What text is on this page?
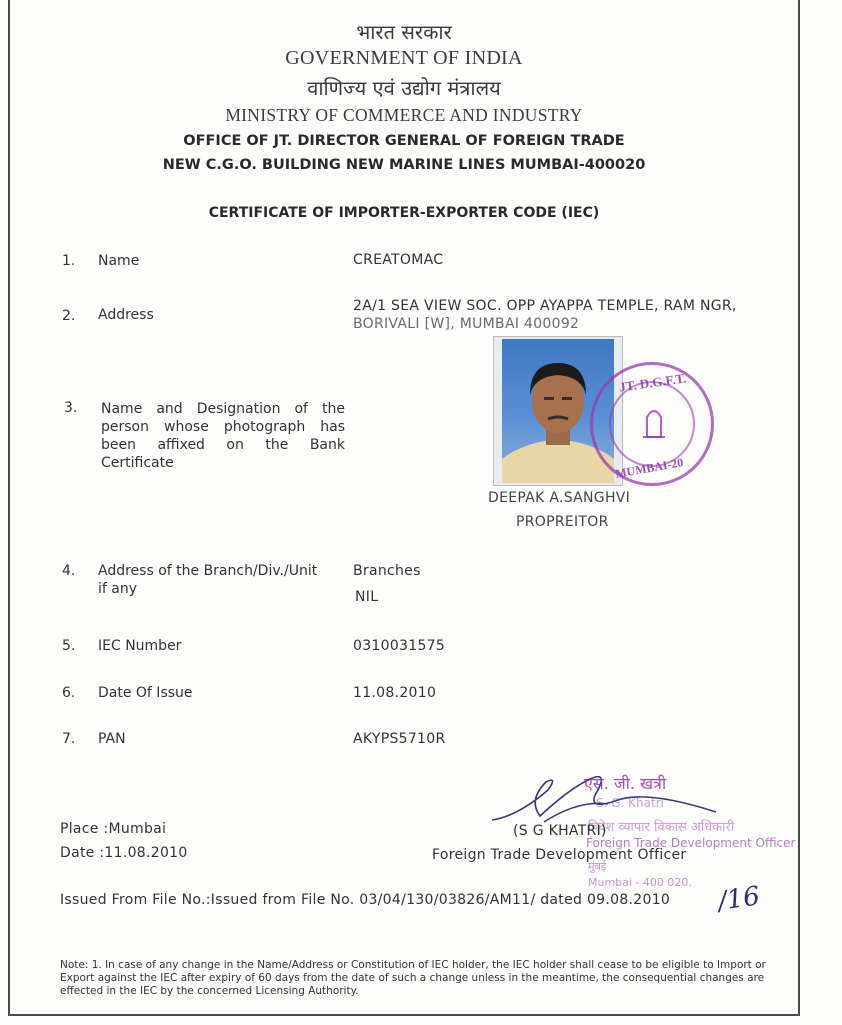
भारत सरकार
GOVERNMENT OF INDIA
वाणिज्य एवं उद्योग मंत्रालय
MINISTRY OF COMMERCE AND INDUSTRY
OFFICE OF JT. DIRECTOR GENERAL OF FOREIGN TRADE
NEW C.G.O. BUILDING NEW MARINE LINES MUMBAI-400020
CERTIFICATE OF IMPORTER-EXPORTER CODE (IEC)
1. Name	CREATOMAC
2. Address
2A/1 SEA VIEW SOC. OPP AYAPPA TEMPLE, RAM NGR,
BORIVALI [W], MUMBAI 400092
3. Name and Designation of the
person whose photograph has
been affixed on the Bank
Certificate
JT. D.G.F.T.
MUMBAI-20
DEEPAK A.SANGHVI
PROPREITOR
4. Address of the Branch/Div./Unit
if any
Branches
NIL
5. IEC Number	0310031575
6. Date Of Issue	11.08.2010
7. PAN	AKYPS5710R
एस. जी. खत्री
S. G. Khatri
विदेश व्यापार विकास अधिकारी
Foreign Trade Development Officer
मुंबई
Mumbai - 400 020.
(S G KHATRI)
Foreign Trade Development Officer
/16
Place :Mumbai
Date :11.08.2010
Issued From File No.:Issued from File No. 03/04/130/03826/AM11/ dated 09.08.2010
Note: 1. In case of any change in the Name/Address or Constitution of IEC holder, the IEC holder shall cease to be eligible to Import or Export against the IEC after expiry of 60 days from the date of such a change unless in the meantime, the consequential changes are effected in the IEC by the concerned Licensing Authority.
